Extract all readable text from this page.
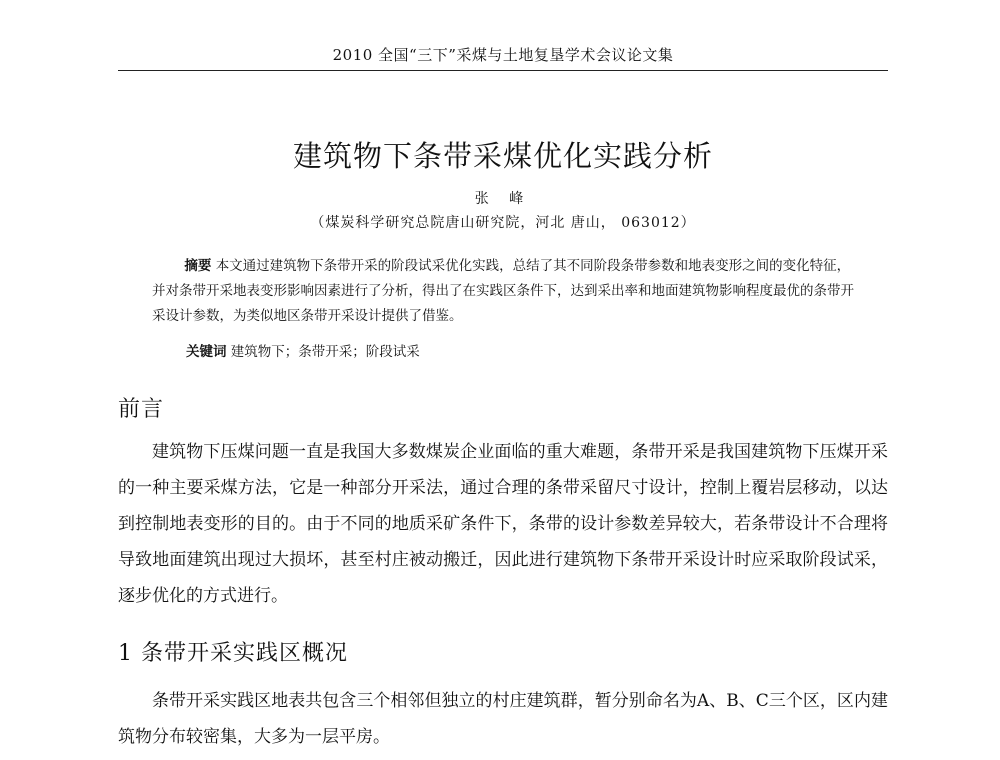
2010 全国“三下”采煤与土地复垦学术会议论文集
建筑物下条带采煤优化实践分析
张 峰
（煤炭科学研究总院唐山研究院，河北 唐山， 063012）
摘要 本文通过建筑物下条带开采的阶段试采优化实践，总结了其不同阶段条带参数和地表变形之间的变化特征，并对条带开采地表变形影响因素进行了分析，得出了在实践区条件下，达到采出率和地面建筑物影响程度最优的条带开采设计参数，为类似地区条带开采设计提供了借鉴。
关键词 建筑物下；条带开采；阶段试采
前言
建筑物下压煤问题一直是我国大多数煤炭企业面临的重大难题，条带开采是我国建筑物下压煤开采的一种主要采煤方法，它是一种部分开采法，通过合理的条带采留尺寸设计，控制上覆岩层移动，以达到控制地表变形的目的。由于不同的地质采矿条件下，条带的设计参数差异较大，若条带设计不合理将导致地面建筑出现过大损坏，甚至村庄被动搬迁，因此进行建筑物下条带开采设计时应采取阶段试采，逐步优化的方式进行。
1 条带开采实践区概况
条带开采实践区地表共包含三个相邻但独立的村庄建筑群，暂分别命名为A、B、C三个区，区内建筑物分布较密集，大多为一层平房。
